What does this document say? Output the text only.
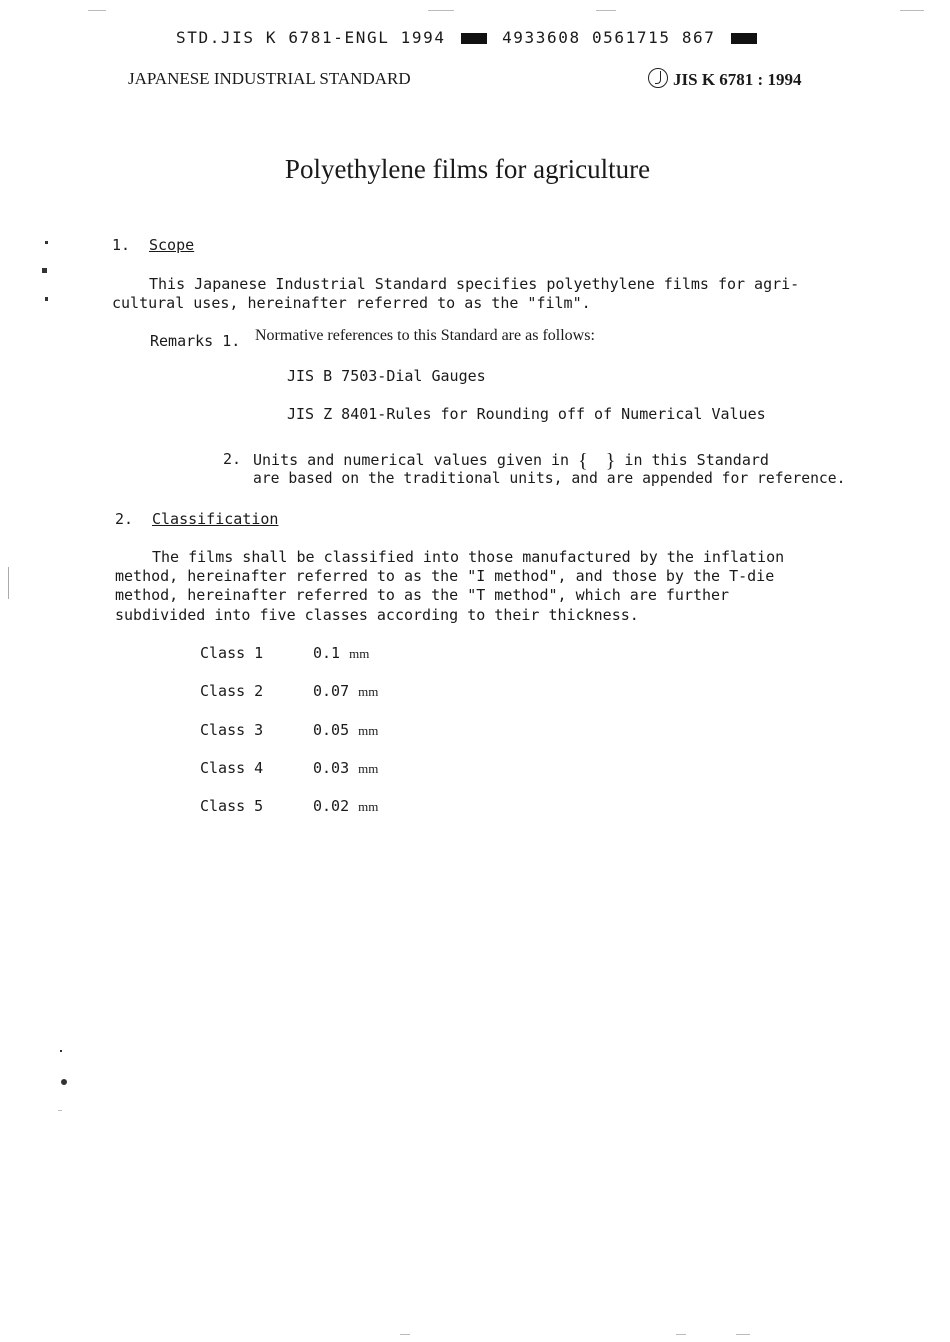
STD.JIS K 6781-ENGL 1994	4933608 0561715 867
JAPANESE INDUSTRIAL STANDARD	JIS K 6781 : 1994
Polyethylene films for agriculture
1. Scope
This Japanese Industrial Standard specifies polyethylene films for agri-
cultural uses, hereinafter referred to as the "film".
Remarks 1. Normative references to this Standard are as follows:
JIS B 7503-Dial Gauges
JIS Z 8401-Rules for Rounding off of Numerical Values
2. Units and numerical values given in { } in this Standard
are based on the traditional units, and are appended for reference.
2. Classification
The films shall be classified into those manufactured by the inflation
method, hereinafter referred to as the "I method", and those by the T-die
method, hereinafter referred to as the "T method", which are further
subdivided into five classes according to their thickness.
Class 1	0.1 mm
Class 2	0.07 mm
Class 3	0.05 mm
Class 4	0.03 mm
Class 5	0.02 mm
